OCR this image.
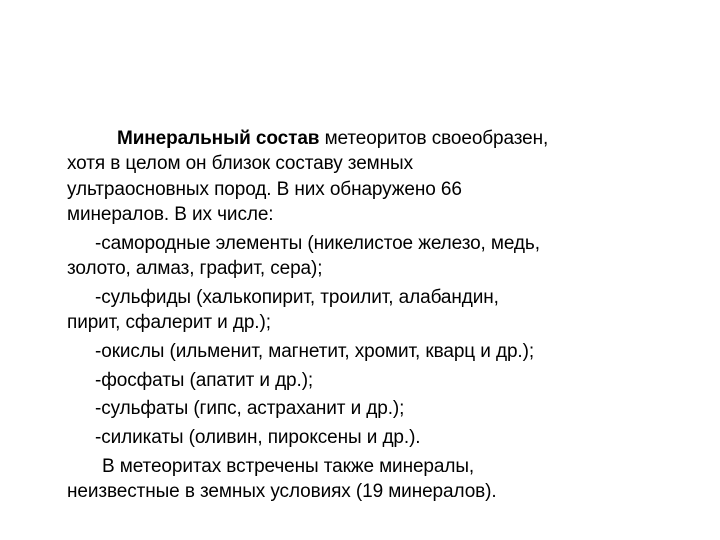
Минеральный состав метеоритов своеобразен,
хотя в целом он близок составу земных
ультраосновных пород. В них обнаружено 66
минералов. В их числе:
-самородные элементы (никелистое железо, медь,
золото, алмаз, графит, сера);
-сульфиды (халькопирит, троилит, алабандин,
пирит, сфалерит и др.);
-окислы (ильменит, магнетит, хромит, кварц и др.);
-фосфаты (апатит и др.);
-сульфаты (гипс, астраханит и др.);
-силикаты (оливин, пироксены и др.).
В метеоритах встречены также минералы,
неизвестные в земных условиях (19 минералов).
